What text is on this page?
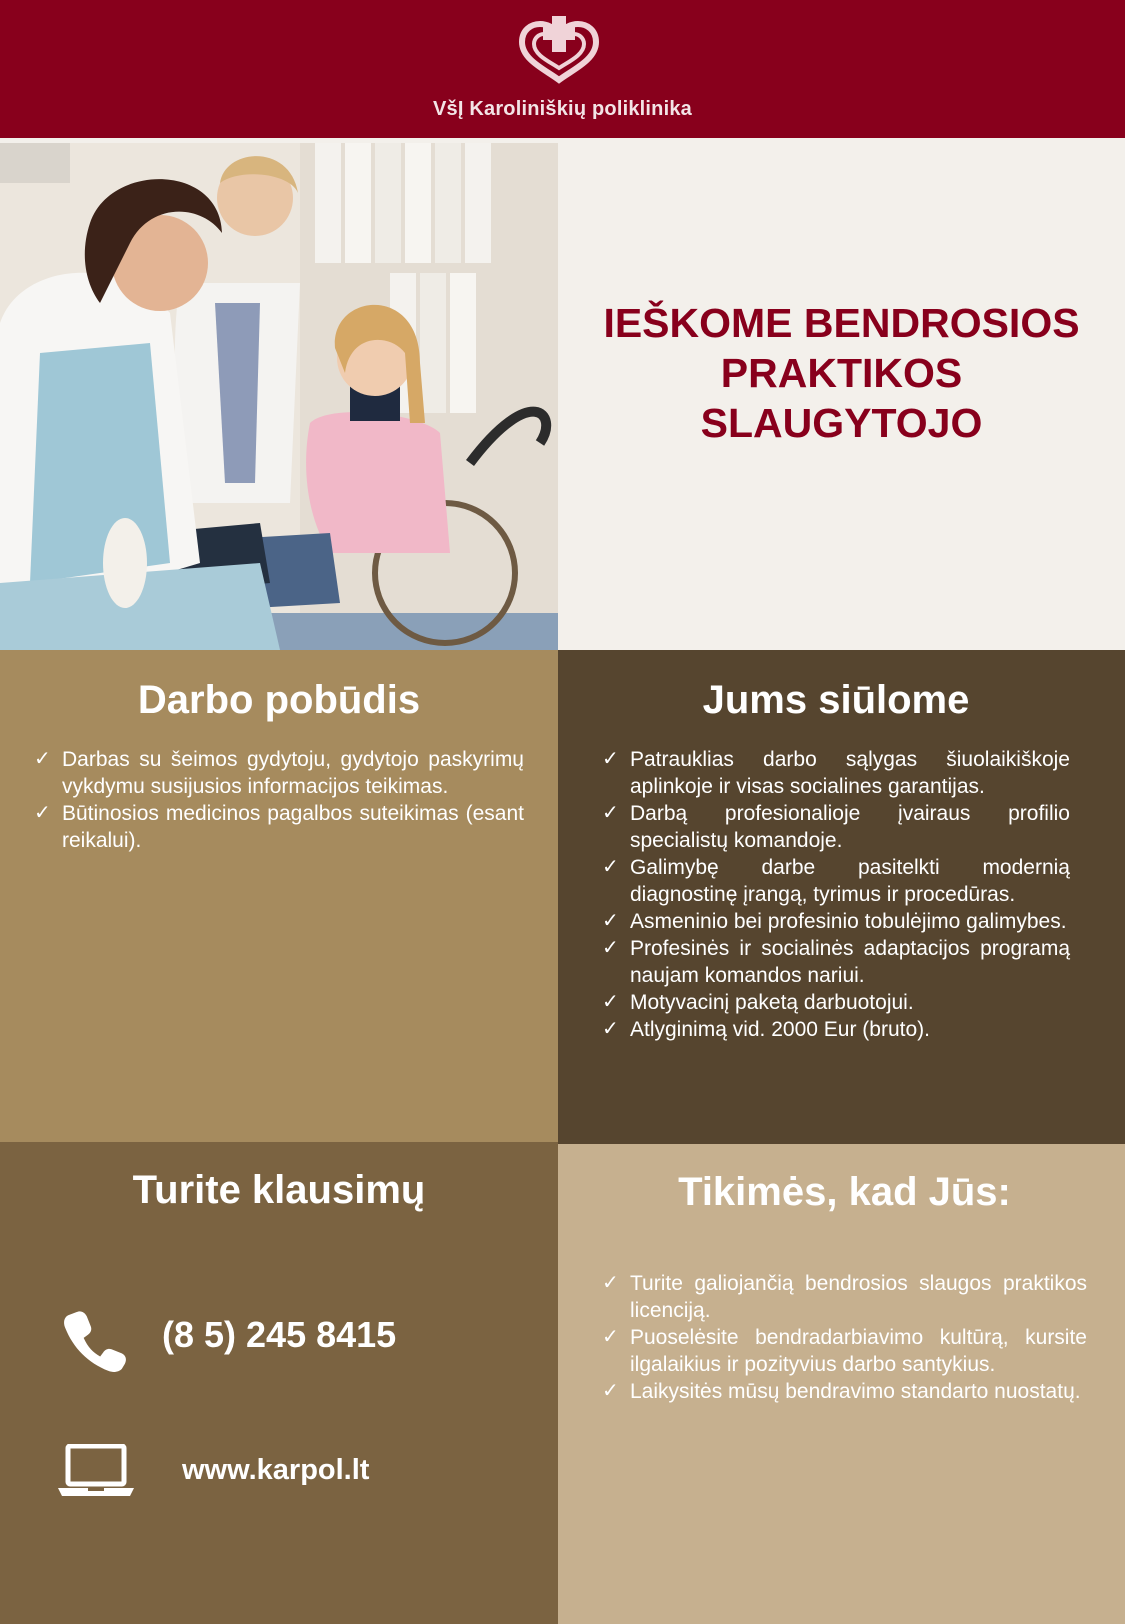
VšĮ Karoliniškių poliklinika
IEŠKOME BENDROSIOS
PRAKTIKOS
SLAUGYTOJO
Darbo pobūdis
✓ Darbas su šeimos gydytoju, gydytojo paskyrimų vykdymu susijusios informacijos teikimas.
✓ Būtinosios medicinos pagalbos suteikimas (esant reikalui).
Jums siūlome
✓ Patrauklias darbo sąlygas šiuolaikiškoje aplinkoje ir visas socialines garantijas.
✓ Darbą profesionalioje įvairaus profilio specialistų komandoje.
✓ Galimybę darbe pasitelkti modernią diagnostinę įrangą, tyrimus ir procedūras.
✓ Asmeninio bei profesinio tobulėjimo galimybes.
✓ Profesinės ir socialinės adaptacijos programą naujam komandos nariui.
✓ Motyvacinį paketą darbuotojui.
✓ Atlyginimą vid. 2000 Eur (bruto).
Turite klausimų
(8 5) 245 8415
www.karpol.lt
Tikimės, kad Jūs:
✓ Turite galiojančią bendrosios slaugos praktikos licenciją.
✓ Puoselėsite bendradarbiavimo kultūrą, kursite ilgalaikius ir pozityvius darbo santykius.
✓ Laikysitės mūsų bendravimo standarto nuostatų.
